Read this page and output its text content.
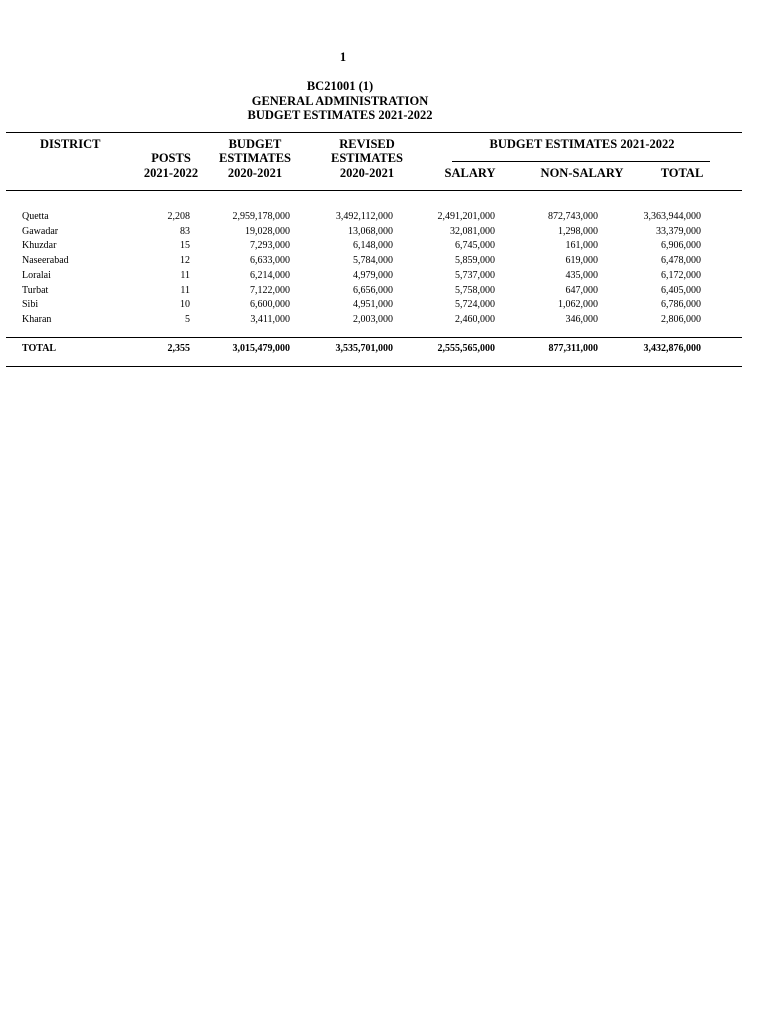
1
BC21001 (1)
GENERAL ADMINISTRATION
BUDGET ESTIMATES 2021-2022
DISTRICT
POSTS
2021-2022
BUDGET
ESTIMATES
2020-2021
REVISED
ESTIMATES
2020-2021
BUDGET ESTIMATES 2021-2022
SALARY	NON-SALARY	TOTAL
Quetta	2,208	2,959,178,000	3,492,112,000	2,491,201,000	872,743,000	3,363,944,000
Gawadar	83	19,028,000	13,068,000	32,081,000	1,298,000	33,379,000
Khuzdar	15	7,293,000	6,148,000	6,745,000	161,000	6,906,000
Naseerabad	12	6,633,000	5,784,000	5,859,000	619,000	6,478,000
Loralai	11	6,214,000	4,979,000	5,737,000	435,000	6,172,000
Turbat	11	7,122,000	6,656,000	5,758,000	647,000	6,405,000
Sibi	10	6,600,000	4,951,000	5,724,000	1,062,000	6,786,000
Kharan	5	3,411,000	2,003,000	2,460,000	346,000	2,806,000
TOTAL	2,355	3,015,479,000	3,535,701,000	2,555,565,000	877,311,000	3,432,876,000
